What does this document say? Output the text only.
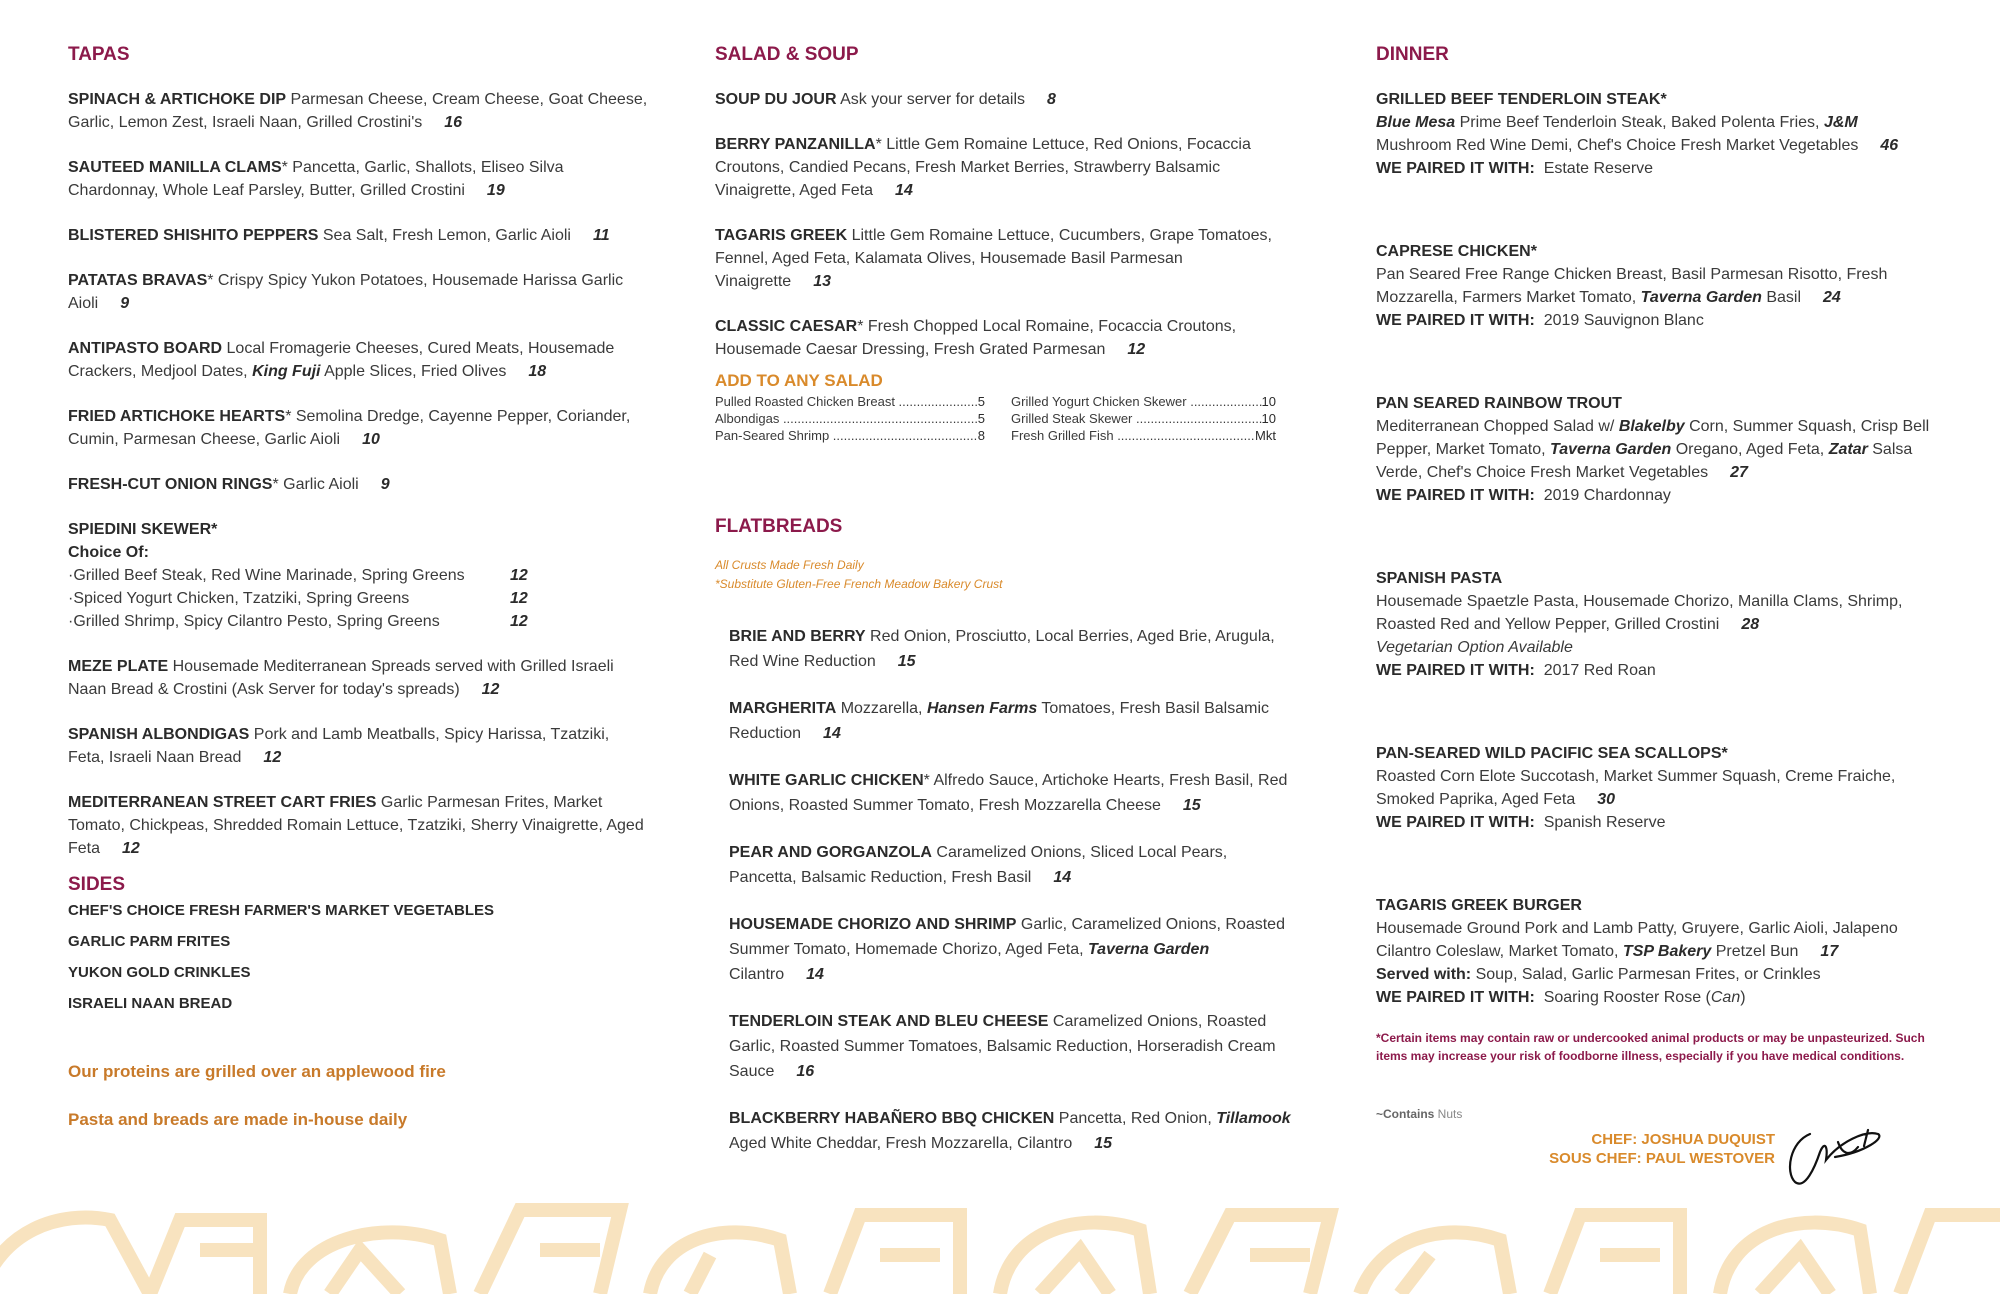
TAPAS
SPINACH & ARTICHOKE DIP Parmesan Cheese, Cream Cheese, Goat Cheese, Garlic, Lemon Zest, Israeli Naan, Grilled Crostini's 16
SAUTEED MANILLA CLAMS* Pancetta, Garlic, Shallots, Eliseo Silva Chardonnay, Whole Leaf Parsley, Butter, Grilled Crostini 19
BLISTERED SHISHITO PEPPERS Sea Salt, Fresh Lemon, Garlic Aioli 11
PATATAS BRAVAS* Crispy Spicy Yukon Potatoes, Housemade Harissa Garlic Aioli 9
ANTIPASTO BOARD Local Fromagerie Cheeses, Cured Meats, Housemade Crackers, Medjool Dates, King Fuji Apple Slices, Fried Olives 18
FRIED ARTICHOKE HEARTS* Semolina Dredge, Cayenne Pepper, Coriander, Cumin, Parmesan Cheese, Garlic Aioli 10
FRESH-CUT ONION RINGS* Garlic Aioli 9
SPIEDINI SKEWER*
Choice Of:
·Grilled Beef Steak, Red Wine Marinade, Spring Greens	12
·Spiced Yogurt Chicken, Tzatziki, Spring Greens	12
·Grilled Shrimp, Spicy Cilantro Pesto, Spring Greens	12
MEZE PLATE Housemade Mediterranean Spreads served with Grilled Israeli Naan Bread & Crostini (Ask Server for today's spreads) 12
SPANISH ALBONDIGAS Pork and Lamb Meatballs, Spicy Harissa, Tzatziki, Feta, Israeli Naan Bread 12
MEDITERRANEAN STREET CART FRIES Garlic Parmesan Frites, Market Tomato, Chickpeas, Shredded Romain Lettuce, Tzatziki, Sherry Vinaigrette, Aged Feta 12
SIDES
CHEF'S CHOICE FRESH FARMER'S MARKET VEGETABLES
GARLIC PARM FRITES
YUKON GOLD CRINKLES
ISRAELI NAAN BREAD
Our proteins are grilled over an applewood fire
Pasta and breads are made in-house daily
SALAD & SOUP
SOUP DU JOUR Ask your server for details 8
BERRY PANZANILLA* Little Gem Romaine Lettuce, Red Onions, Focaccia Croutons, Candied Pecans, Fresh Market Berries, Strawberry Balsamic Vinaigrette, Aged Feta 14
TAGARIS GREEK Little Gem Romaine Lettuce, Cucumbers, Grape Tomatoes, Fennel, Aged Feta, Kalamata Olives, Housemade Basil Parmesan Vinaigrette 13
CLASSIC CAESAR* Fresh Chopped Local Romaine, Focaccia Croutons, Housemade Caesar Dressing, Fresh Grated Parmesan 12
ADD TO ANY SALAD
Pulled Roasted Chicken Breast .....	5 Grilled Yogurt Chicken Skewer .....	10
Albondigas .....	5 Grilled Steak Skewer .....	10
Pan-Seared Shrimp .....	8 Fresh Grilled Fish .....	Mkt
FLATBREADS
All Crusts Made Fresh Daily
*Substitute Gluten-Free French Meadow Bakery Crust
BRIE AND BERRY Red Onion, Prosciutto, Local Berries, Aged Brie, Arugula, Red Wine Reduction 15
MARGHERITA Mozzarella, Hansen Farms Tomatoes, Fresh Basil Balsamic Reduction 14
WHITE GARLIC CHICKEN* Alfredo Sauce, Artichoke Hearts, Fresh Basil, Red Onions, Roasted Summer Tomato, Fresh Mozzarella Cheese 15
PEAR AND GORGANZOLA Caramelized Onions, Sliced Local Pears, Pancetta, Balsamic Reduction, Fresh Basil 14
HOUSEMADE CHORIZO AND SHRIMP Garlic, Caramelized Onions, Roasted Summer Tomato, Homemade Chorizo, Aged Feta, Taverna Garden Cilantro 14
TENDERLOIN STEAK AND BLEU CHEESE Caramelized Onions, Roasted Garlic, Roasted Summer Tomatoes, Balsamic Reduction, Horseradish Cream Sauce 16
BLACKBERRY HABAÑERO BBQ CHICKEN Pancetta, Red Onion, Tillamook Aged White Cheddar, Fresh Mozzarella, Cilantro 15
DINNER
GRILLED BEEF TENDERLOIN STEAK*
Blue Mesa Prime Beef Tenderloin Steak, Baked Polenta Fries, J&M Mushroom Red Wine Demi, Chef's Choice Fresh Market Vegetables 46
WE PAIRED IT WITH: Estate Reserve
CAPRESE CHICKEN*
Pan Seared Free Range Chicken Breast, Basil Parmesan Risotto, Fresh Mozzarella, Farmers Market Tomato, Taverna Garden Basil 24
WE PAIRED IT WITH: 2019 Sauvignon Blanc
PAN SEARED RAINBOW TROUT
Mediterranean Chopped Salad w/ Blakelby Corn, Summer Squash, Crisp Bell Pepper, Market Tomato, Taverna Garden Oregano, Aged Feta, Zatar Salsa Verde, Chef's Choice Fresh Market Vegetables 27
WE PAIRED IT WITH: 2019 Chardonnay
SPANISH PASTA
Housemade Spaetzle Pasta, Housemade Chorizo, Manilla Clams, Shrimp, Roasted Red and Yellow Pepper, Grilled Crostini 28
Vegetarian Option Available
WE PAIRED IT WITH: 2017 Red Roan
PAN-SEARED WILD PACIFIC SEA SCALLOPS*
Roasted Corn Elote Succotash, Market Summer Squash, Creme Fraiche, Smoked Paprika, Aged Feta 30
WE PAIRED IT WITH: Spanish Reserve
TAGARIS GREEK BURGER
Housemade Ground Pork and Lamb Patty, Gruyere, Garlic Aioli, Jalapeno Cilantro Coleslaw, Market Tomato, TSP Bakery Pretzel Bun 17
Served with: Soup, Salad, Garlic Parmesan Frites, or Crinkles
WE PAIRED IT WITH: Soaring Rooster Rose (Can)
*Certain items may contain raw or undercooked animal products or may be unpasteurized. Such items may increase your risk of foodborne illness, especially if you have medical conditions.
~Contains Nuts
CHEF: JOSHUA DUQUIST
SOUS CHEF: PAUL WESTOVER
